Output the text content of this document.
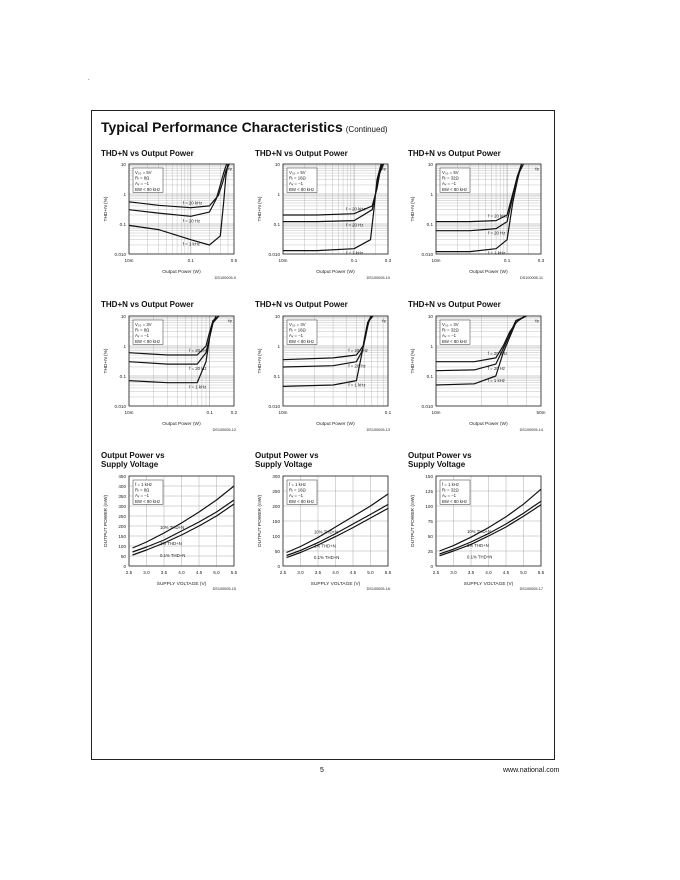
.
Typical Performance Characteristics (Continued)
THD+N vs Output Power
10
1
0.1
0.010
10m	0.1	0.5
Output Power (W)
THD+N (%)
DS100005-9
t/p
V₀₀ = 5V
Rₗ = 8Ω
Aᵥ = −1
BW < 80 kHz
f = 20 kHz
f = 20 Hz
f = 1 kHz
THD+N vs Output Power
10
1
0.1
0.010
10m	0.1	0.3
Output Power (W)
THD+N (%)
DS100005-10
t/p
V₀₀ = 5V
Rₗ = 16Ω
Aᵥ = −1
BW < 80 kHz
f = 20 kHz
f = 20 Hz
f = 1 kHz
THD+N vs Output Power
10
1
0.1
0.010
10m	0.1	0.3
Output Power (W)
THD+N (%)
DS100005-11
t/p
V₀₀ = 5V
Rₗ = 32Ω
Aᵥ = −1
BW < 80 kHz
f = 20 kHz
f = 20 Hz
f = 1 kHz
THD+N vs Output Power
10
1
0.1
0.010
10m	0.1	0.2
Output Power (W)
THD+N (%)
DS100005-12
t/p
V₀₀ = 3V
Rₗ = 8Ω
Aᵥ = −1
BW < 80 kHz
f = 20 kHz
f = 20 Hz
f = 1 kHz
THD+N vs Output Power
10
1
0.1
0.010
10m	0.1
Output Power (W)
THD+N (%)
DS100005-13
t/p
V₀₀ = 3V
Rₗ = 16Ω
Aᵥ = −1
BW < 80 kHz
f = 20 kHz
f = 20 Hz
f = 1 kHz
THD+N vs Output Power
10
1
0.1
0.010
10m	50m
Output Power (W)
THD+N (%)
DS100005-14
t/p
V₀₀ = 3V
Rₗ = 32Ω
Aᵥ = −1
BW < 80 kHz
f = 20 kHz
f = 20 Hz
f = 1 kHz
Output Power vs Supply Voltage
450
400
350
300
250
200
150
100
50
0
2.5 3.0 3.5 4.0 4.5 5.0 5.5
SUPPLY VOLTAGE (V)
OUTPUT POWER (mW)
DS100005-15
f = 1 kHz
Rₗ = 8Ω
Aᵥ = −1
BW < 80 kHz
10% THD+N
1% THD+N
0.1% THD+N
Output Power vs Supply Voltage
300
250
200
150
100
50
0
2.5 3.0 3.5 4.0 4.5 5.0 5.5
SUPPLY VOLTAGE (V)
OUTPUT POWER (mW)
DS100005-16
f = 1 kHz
Rₗ = 16Ω
Aᵥ = −1
BW < 80 kHz
10% THD+N
1% THD+N
0.1% THD+N
Output Power vs Supply Voltage
150
125
100
75
50
25
0
2.5 3.0 3.5 4.0 4.5 5.0 5.5
SUPPLY VOLTAGE (V)
OUTPUT POWER (mW)
DS100005-17
f = 1 kHz
Rₗ = 32Ω
Aᵥ = −1
BW < 80 kHz
10% THD+N
1% THD+N
0.1% THD+N
5	www.national.com
